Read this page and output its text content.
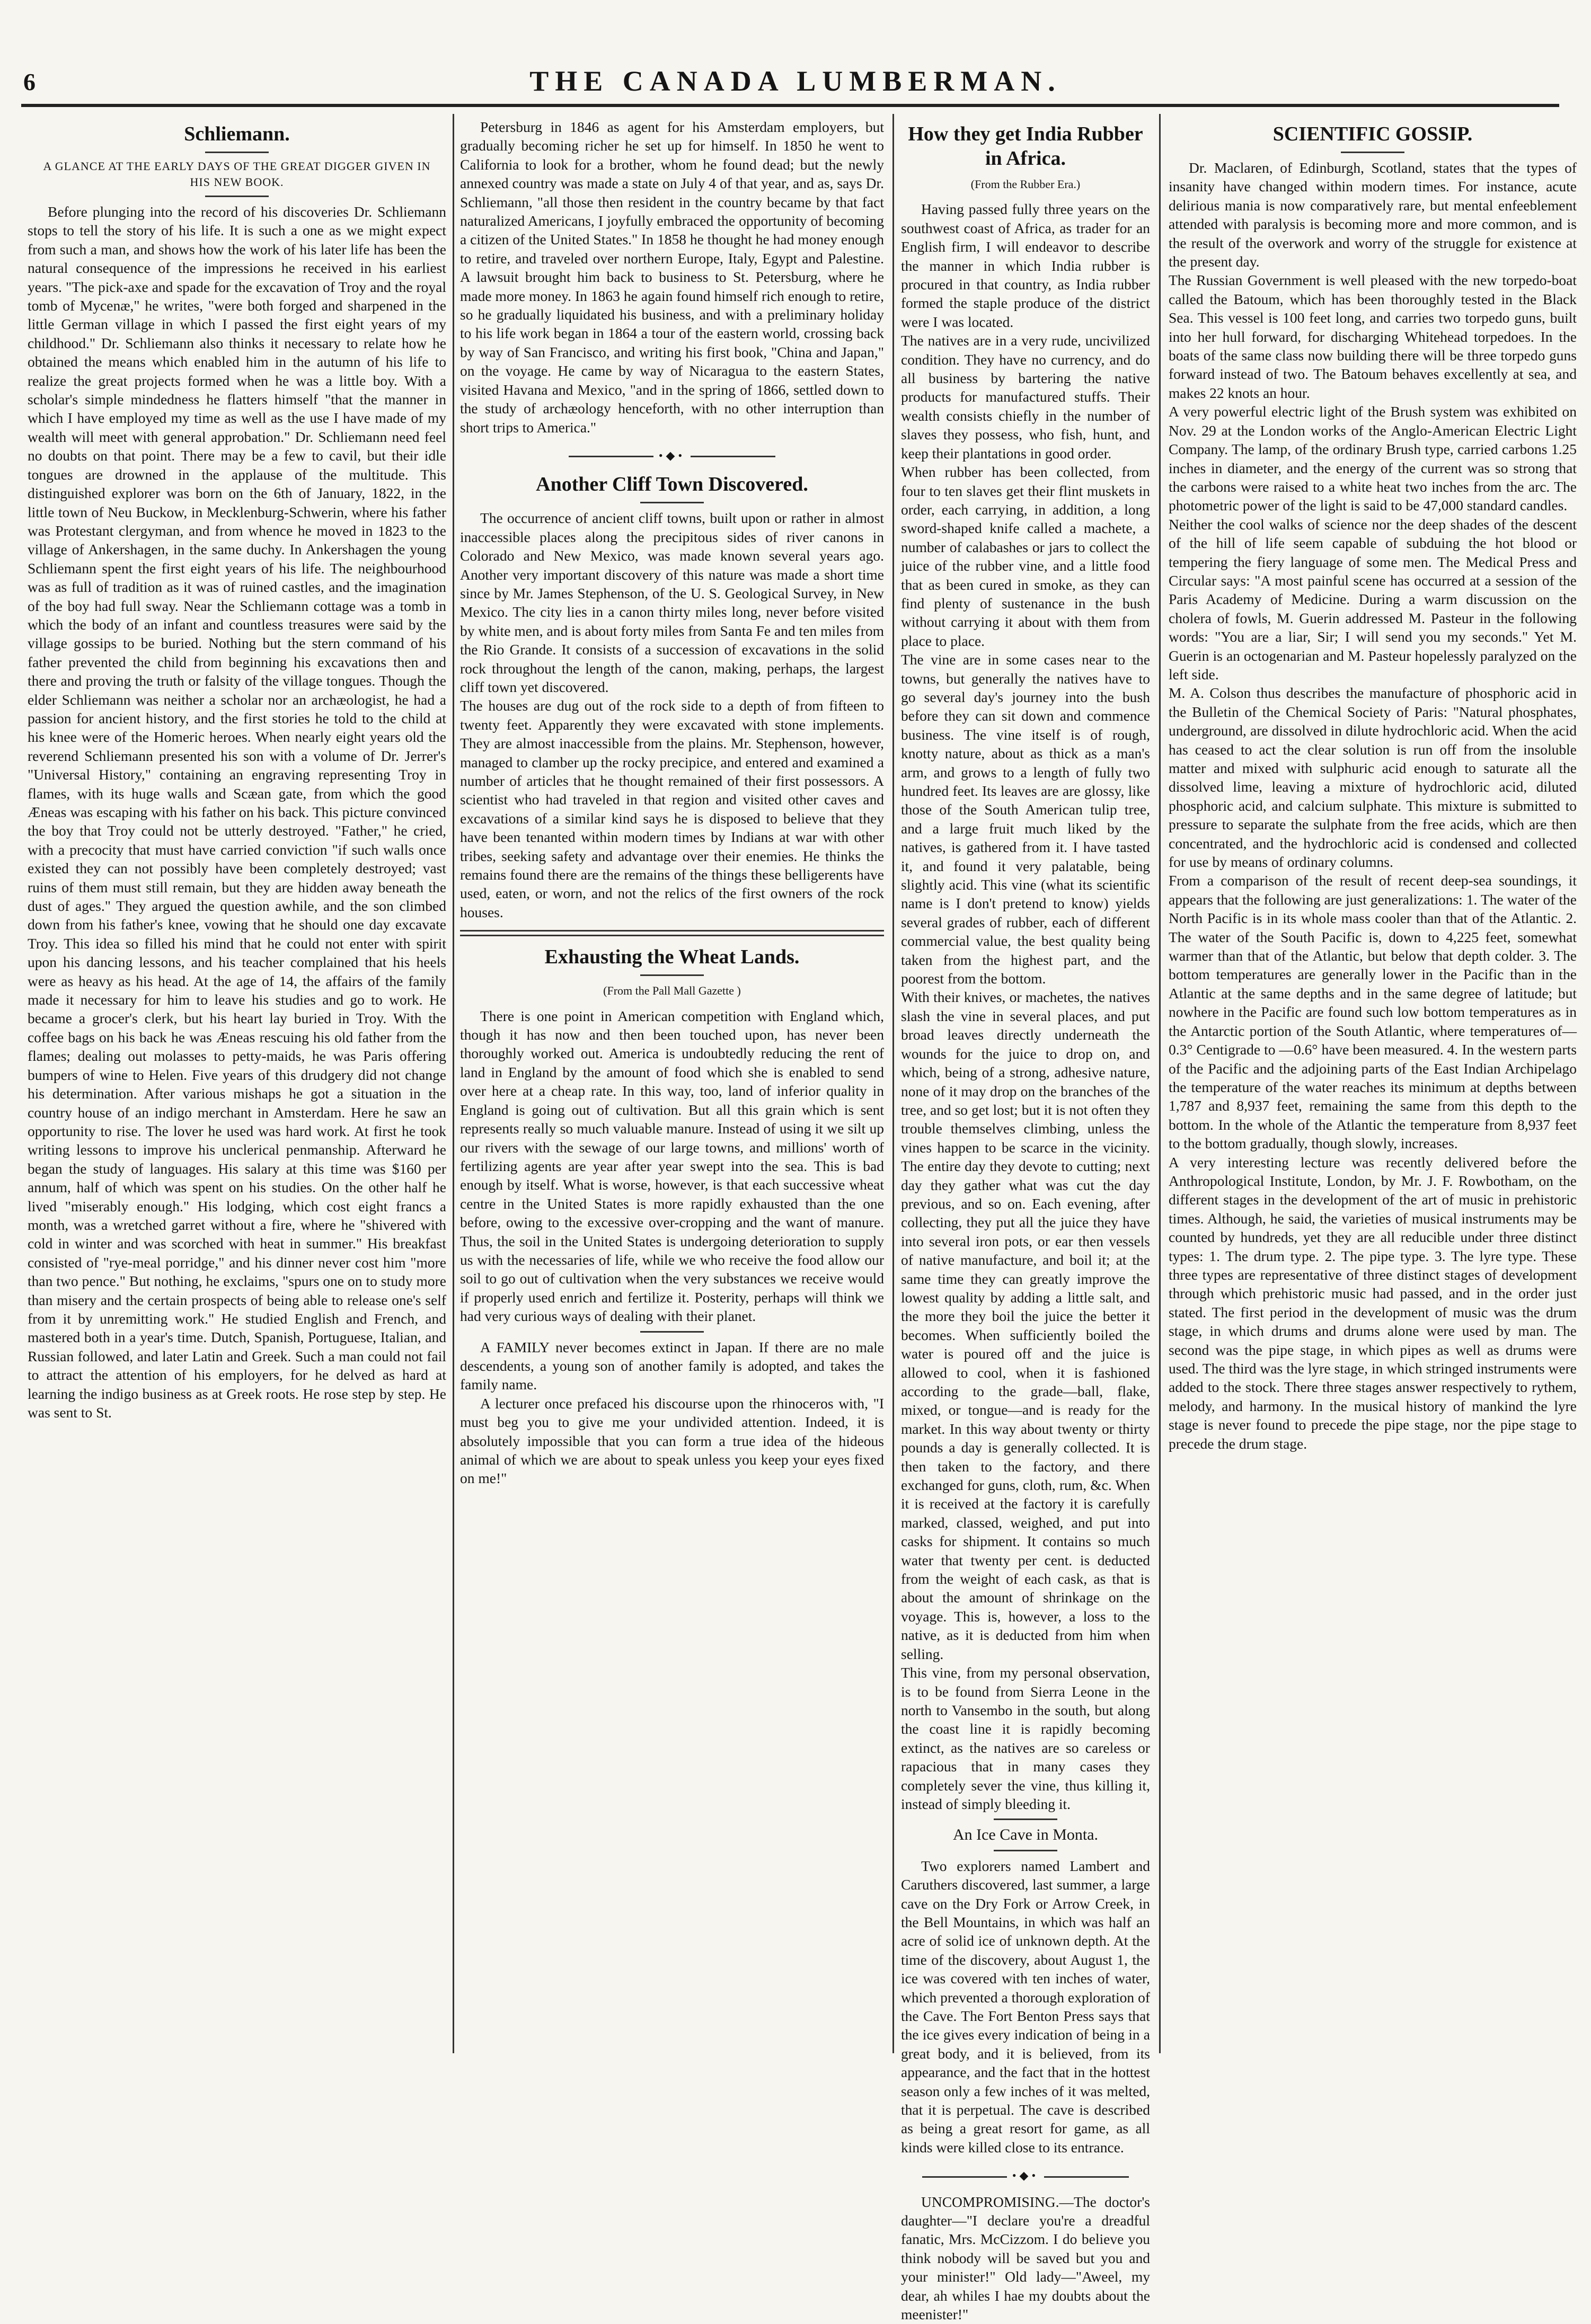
6	THE CANADA LUMBERMAN.
Schliemann.
A GLANCE AT THE EARLY DAYS OF THE GREAT DIGGER GIVEN IN HIS NEW BOOK.

Before plunging into the record of his discoveries Dr. Schliemann stops to tell the story of his life. It is such a one as we might expect from such a man, and shows how the work of his later life has been the natural consequence of the impressions he received in his earliest years. "The pick-axe and spade for the excavation of Troy and the royal tomb of Mycenæ," he writes, "were both forged and sharpened in the little German village in which I passed the first eight years of my childhood." Dr. Schliemann also thinks it necessary to relate how he obtained the means which enabled him in the autumn of his life to realize the great projects formed when he was a little boy. With a scholar's simple mindedness he flatters himself "that the manner in which I have employed my time as well as the use I have made of my wealth will meet with general approbation." Dr. Schliemann need feel no doubts on that point. There may be a few to cavil, but their idle tongues are drowned in the applause of the multitude. This distinguished explorer was born on the 6th of January, 1822, in the little town of Neu Buckow, in Mecklenburg-Schwerin, where his father was Protestant clergyman, and from whence he moved in 1823 to the village of Ankershagen, in the same duchy. In Ankershagen the young Schliemann spent the first eight years of his life. The neighbourhood was as full of tradition as it was of ruined castles, and the imagination of the boy had full sway. Near the Schliemann cottage was a tomb in which the body of an infant and countless treasures were said by the village gossips to be buried. Nothing but the stern command of his father prevented the child from beginning his excavations then and there and proving the truth or falsity of the village tongues. Though the elder Schliemann was neither a scholar nor an archæologist, he had a passion for ancient history, and the first stories he told to the child at his knee were of the Homeric heroes. When nearly eight years old the reverend Schliemann presented his son with a volume of Dr. Jerrer's "Universal History," containing an engraving representing Troy in flames, with its huge walls and Scæan gate, from which the good Æneas was escaping with his father on his back. This picture convinced the boy that Troy could not be utterly destroyed. "Father," he cried, with a precocity that must have carried conviction "if such walls once existed they can not possibly have been completely destroyed; vast ruins of them must still remain, but they are hidden away beneath the dust of ages." They argued the question awhile, and the son climbed down from his father's knee, vowing that he should one day excavate Troy. This idea so filled his mind that he could not enter with spirit upon his dancing lessons, and his teacher complained that his heels were as heavy as his head. At the age of 14, the affairs of the family made it necessary for him to leave his studies and go to work. He became a grocer's clerk, but his heart lay buried in Troy. With the coffee bags on his back he was Æneas rescuing his old father from the flames; dealing out molasses to petty-maids, he was Paris offering bumpers of wine to Helen. Five years of this drudgery did not change his determination. After various mishaps he got a situation in the country house of an indigo merchant in Amsterdam. Here he saw an opportunity to rise. The lover he used was hard work. At first he took writing lessons to improve his unclerical penmanship. Afterward he began the study of languages. His salary at this time was $160 per annum, half of which was spent on his studies. On the other half he lived "miserably enough." His lodging, which cost eight francs a month, was a wretched garret without a fire, where he "shivered with cold in winter and was scorched with heat in summer." His breakfast consisted of "rye-meal porridge," and his dinner never cost him "more than two pence." But nothing, he exclaims, "spurs one on to study more than misery and the certain prospects of being able to release one's self from it by unremitting work." He studied English and French, and mastered both in a year's time. Dutch, Spanish, Portuguese, Italian, and Russian followed, and later Latin and Greek. Such a man could not fail to attract the attention of his employers, for he delved as hard at learning the indigo business as at Greek roots. He rose step by step. He was sent to St.

Petersburg in 1846 as agent for his Amsterdam employers, but gradually becoming richer he set up for himself. In 1850 he went to California to look for a brother, whom he found dead; but the newly annexed country was made a state on July 4 of that year, and as, says Dr. Schliemann, "all those then resident in the country became by that fact naturalized Americans, I joyfully embraced the opportunity of becoming a citizen of the United States." In 1858 he thought he had money enough to retire, and traveled over northern Europe, Italy, Egypt and Palestine. A lawsuit brought him back to business to St. Petersburg, where he made more money. In 1863 he again found himself rich enough to retire, so he gradually liquidated his business, and with a preliminary holiday to his life work began in 1864 a tour of the eastern world, crossing back by way of San Francisco, and writing his first book, "China and Japan," on the voyage. He came by way of Nicaragua to the eastern States, visited Havana and Mexico, "and in the spring of 1866, settled down to the study of archæology henceforth, with no other interruption than short trips to America."

•◆•
Another Cliff Town Discovered.

The occurrence of ancient cliff towns, built upon or rather in almost inaccessible places along the precipitous sides of river canons in Colorado and New Mexico, was made known several years ago. Another very important discovery of this nature was made a short time since by Mr. James Stephenson, of the U. S. Geological Survey, in New Mexico. The city lies in a canon thirty miles long, never before visited by white men, and is about forty miles from Santa Fe and ten miles from the Rio Grande. It consists of a succession of excavations in the solid rock throughout the length of the canon, making, perhaps, the largest cliff town yet discovered.
The houses are dug out of the rock side to a depth of from fifteen to twenty feet. Apparently they were excavated with stone implements. They are almost inaccessible from the plains. Mr. Stephenson, however, managed to clamber up the rocky precipice, and entered and examined a number of articles that he thought remained of their first possessors. A scientist who had traveled in that region and visited other caves and excavations of a similar kind says he is disposed to believe that they have been tenanted within modern times by Indians at war with other tribes, seeking safety and advantage over their enemies. He thinks the remains found there are the remains of the things these belligerents have used, eaten, or worn, and not the relics of the first owners of the rock houses.

Exhausting the Wheat Lands.
(From the Pall Mall Gazette )

There is one point in American competition with England which, though it has now and then been touched upon, has never been thoroughly worked out. America is undoubtedly reducing the rent of land in England by the amount of food which she is enabled to send over here at a cheap rate. In this way, too, land of inferior quality in England is going out of cultivation. But all this grain which is sent represents really so much valuable manure. Instead of using it we silt up our rivers with the sewage of our large towns, and millions' worth of fertilizing agents are year after year swept into the sea. This is bad enough by itself. What is worse, however, is that each successive wheat centre in the United States is more rapidly exhausted than the one before, owing to the excessive over-cropping and the want of manure. Thus, the soil in the United States is undergoing deterioration to supply us with the necessaries of life, while we who receive the food allow our soil to go out of cultivation when the very substances we receive would if properly used enrich and fertilize it. Posterity, perhaps will think we had very curious ways of dealing with their planet.

A FAMILY never becomes extinct in Japan. If there are no male descendents, a young son of another family is adopted, and takes the family name.

A lecturer once prefaced his discourse upon the rhinoceros with, "I must beg you to give me your undivided attention. Indeed, it is absolutely impossible that you can form a true idea of the hideous animal of which we are about to speak unless you keep your eyes fixed on me!"

How they get India Rubber in Africa.
(From the Rubber Era.)

Having passed fully three years on the southwest coast of Africa, as trader for an English firm, I will endeavor to describe the manner in which India rubber is procured in that country, as India rubber formed the staple produce of the district were I was located.
The natives are in a very rude, uncivilized condition. They have no currency, and do all business by bartering the native products for manufactured stuffs. Their wealth consists chiefly in the number of slaves they possess, who fish, hunt, and keep their plantations in good order.
When rubber has been collected, from four to ten slaves get their flint muskets in order, each carrying, in addition, a long sword-shaped knife called a machete, a number of calabashes or jars to collect the juice of the rubber vine, and a little food that as been cured in smoke, as they can find plenty of sustenance in the bush without carrying it about with them from place to place.
The vine are in some cases near to the towns, but generally the natives have to go several day's journey into the bush before they can sit down and commence business. The vine itself is of rough, knotty nature, about as thick as a man's arm, and grows to a length of fully two hundred feet. Its leaves are are glossy, like those of the South American tulip tree, and a large fruit much liked by the natives, is gathered from it. I have tasted it, and found it very palatable, being slightly acid. This vine (what its scientific name is I don't pretend to know) yields several grades of rubber, each of different commercial value, the best quality being taken from the highest part, and the poorest from the bottom.
With their knives, or machetes, the natives slash the vine in several places, and put broad leaves directly underneath the wounds for the juice to drop on, and which, being of a strong, adhesive nature, none of it may drop on the branches of the tree, and so get lost; but it is not often they trouble themselves climbing, unless the vines happen to be scarce in the vicinity. The entire day they devote to cutting; next day they gather what was cut the day previous, and so on. Each evening, after collecting, they put all the juice they have into several iron pots, or ear then vessels of native manufacture, and boil it; at the same time they can greatly improve the lowest quality by adding a little salt, and the more they boil the juice the better it becomes. When sufficiently boiled the water is poured off and the juice is allowed to cool, when it is fashioned according to the grade—ball, flake, mixed, or tongue—and is ready for the market. In this way about twenty or thirty pounds a day is generally collected. It is then taken to the factory, and there exchanged for guns, cloth, rum, &c. When it is received at the factory it is carefully marked, classed, weighed, and put into casks for shipment. It contains so much water that twenty per cent. is deducted from the weight of each cask, as that is about the amount of shrinkage on the voyage. This is, however, a loss to the native, as it is deducted from him when selling.
This vine, from my personal observation, is to be found from Sierra Leone in the north to Vansembo in the south, but along the coast line it is rapidly becoming extinct, as the natives are so careless or rapacious that in many cases they completely sever the vine, thus killing it, instead of simply bleeding it.

An Ice Cave in Monta.

Two explorers named Lambert and Caruthers discovered, last summer, a large cave on the Dry Fork or Arrow Creek, in the Bell Mountains, in which was half an acre of solid ice of unknown depth. At the time of the discovery, about August 1, the ice was covered with ten inches of water, which prevented a thorough exploration of the Cave. The Fort Benton Press says that the ice gives every indication of being in a great body, and it is believed, from its appearance, and the fact that in the hottest season only a few inches of it was melted, that it is perpetual. The cave is described as being a great resort for game, as all kinds were killed close to its entrance.

•◆•

UNCOMPROMISING.—The doctor's daughter—"I declare you're a dreadful fanatic, Mrs. McCizzom. I do believe you think nobody will be saved but you and your minister!" Old lady—"Aweel, my dear, ah whiles I hae my doubts about the meenister!"

SCIENTIFIC GOSSIP.

Dr. Maclaren, of Edinburgh, Scotland, states that the types of insanity have changed within modern times. For instance, acute delirious mania is now comparatively rare, but mental enfeeblement attended with paralysis is becoming more and more common, and is the result of the overwork and worry of the struggle for existence at the present day.
The Russian Government is well pleased with the new torpedo-boat called the Batoum, which has been thoroughly tested in the Black Sea. This vessel is 100 feet long, and carries two torpedo guns, built into her hull forward, for discharging Whitehead torpedoes. In the boats of the same class now building there will be three torpedo guns forward instead of two. The Batoum behaves excellently at sea, and makes 22 knots an hour.
A very powerful electric light of the Brush system was exhibited on Nov. 29 at the London works of the Anglo-American Electric Light Company. The lamp, of the ordinary Brush type, carried carbons 1.25 inches in diameter, and the energy of the current was so strong that the carbons were raised to a white heat two inches from the arc. The photometric power of the light is said to be 47,000 standard candles.
Neither the cool walks of science nor the deep shades of the descent of the hill of life seem capable of subduing the hot blood or tempering the fiery language of some men. The Medical Press and Circular says: "A most painful scene has occurred at a session of the Paris Academy of Medicine. During a warm discussion on the cholera of fowls, M. Guerin addressed M. Pasteur in the following words: "You are a liar, Sir; I will send you my seconds." Yet M. Guerin is an octogenarian and M. Pasteur hopelessly paralyzed on the left side.
M. A. Colson thus describes the manufacture of phosphoric acid in the Bulletin of the Chemical Society of Paris: "Natural phosphates, underground, are dissolved in dilute hydrochloric acid. When the acid has ceased to act the clear solution is run off from the insoluble matter and mixed with sulphuric acid enough to saturate all the dissolved lime, leaving a mixture of hydrochloric acid, diluted phosphoric acid, and calcium sulphate. This mixture is submitted to pressure to separate the sulphate from the free acids, which are then concentrated, and the hydrochloric acid is condensed and collected for use by means of ordinary columns.
From a comparison of the result of recent deep-sea soundings, it appears that the following are just generalizations: 1. The water of the North Pacific is in its whole mass cooler than that of the Atlantic. 2. The water of the South Pacific is, down to 4,225 feet, somewhat warmer than that of the Atlantic, but below that depth colder. 3. The bottom temperatures are generally lower in the Pacific than in the Atlantic at the same depths and in the same degree of latitude; but nowhere in the Pacific are found such low bottom temperatures as in the Antarctic portion of the South Atlantic, where temperatures of—0.3° Centigrade to —0.6° have been measured. 4. In the western parts of the Pacific and the adjoining parts of the East Indian Archipelago the temperature of the water reaches its minimum at depths between 1,787 and 8,937 feet, remaining the same from this depth to the bottom. In the whole of the Atlantic the temperature from 8,937 feet to the bottom gradually, though slowly, increases.
A very interesting lecture was recently delivered before the Anthropological Institute, London, by Mr. J. F. Rowbotham, on the different stages in the development of the art of music in prehistoric times. Although, he said, the varieties of musical instruments may be counted by hundreds, yet they are all reducible under three distinct types: 1. The drum type. 2. The pipe type. 3. The lyre type. These three types are representative of three distinct stages of development through which prehistoric music had passed, and in the order just stated. The first period in the development of music was the drum stage, in which drums and drums alone were used by man. The second was the pipe stage, in which pipes as well as drums were used. The third was the lyre stage, in which stringed instruments were added to the stock. There three stages answer respectively to rythem, melody, and harmony. In the musical history of mankind the lyre stage is never found to precede the pipe stage, nor the pipe stage to precede the drum stage.
